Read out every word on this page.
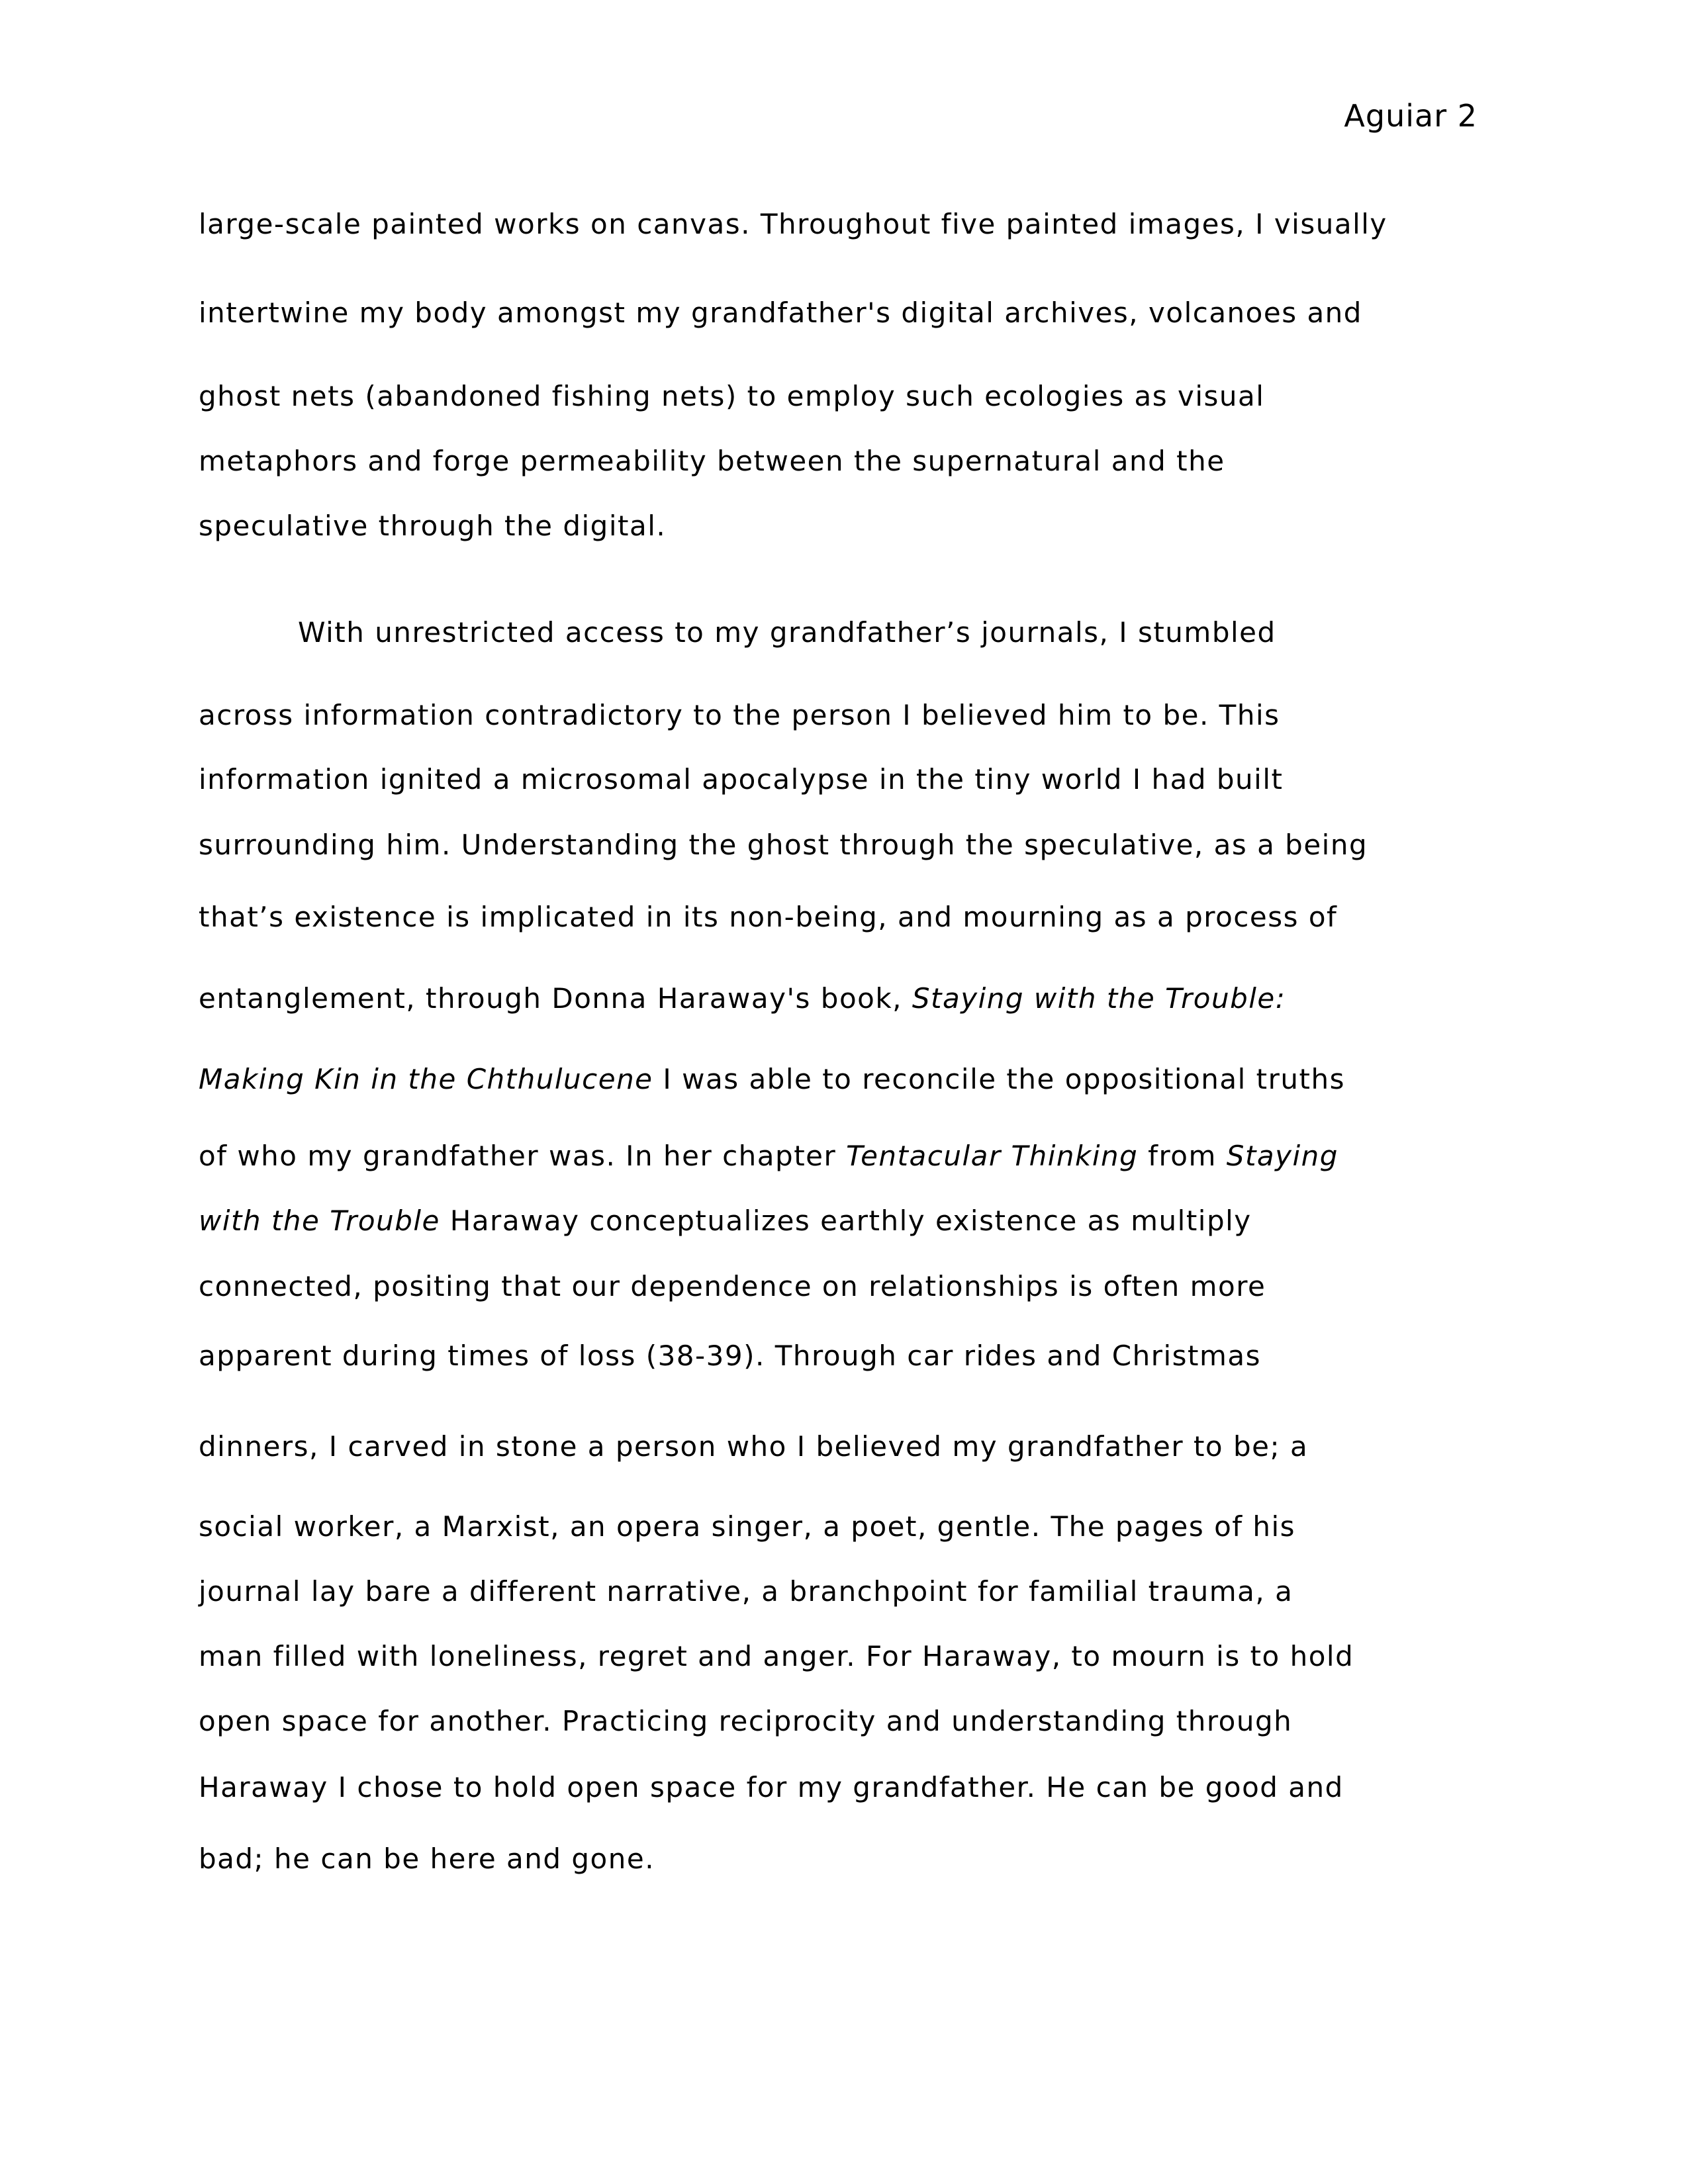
Aguiar 2
large-scale painted works on canvas. Throughout five painted images, I visually
intertwine my body amongst my grandfather's digital archives, volcanoes and
ghost nets (abandoned fishing nets) to employ such ecologies as visual
metaphors and forge permeability between the supernatural and the
speculative through the digital.
With unrestricted access to my grandfather’s journals, I stumbled
across information contradictory to the person I believed him to be. This
information ignited a microsomal apocalypse in the tiny world I had built
surrounding him. Understanding the ghost through the speculative, as a being
that’s existence is implicated in its non-being, and mourning as a process of
entanglement, through Donna Haraway's book, Staying with the Trouble:
Making Kin in the Chthulucene I was able to reconcile the oppositional truths
of who my grandfather was. In her chapter Tentacular Thinking from Staying
with the Trouble Haraway conceptualizes earthly existence as multiply
connected, positing that our dependence on relationships is often more
apparent during times of loss (38-39). Through car rides and Christmas
dinners, I carved in stone a person who I believed my grandfather to be; a
social worker, a Marxist, an opera singer, a poet, gentle. The pages of his
journal lay bare a different narrative, a branchpoint for familial trauma, a
man filled with loneliness, regret and anger. For Haraway, to mourn is to hold
open space for another. Practicing reciprocity and understanding through
Haraway I chose to hold open space for my grandfather. He can be good and
bad; he can be here and gone.
